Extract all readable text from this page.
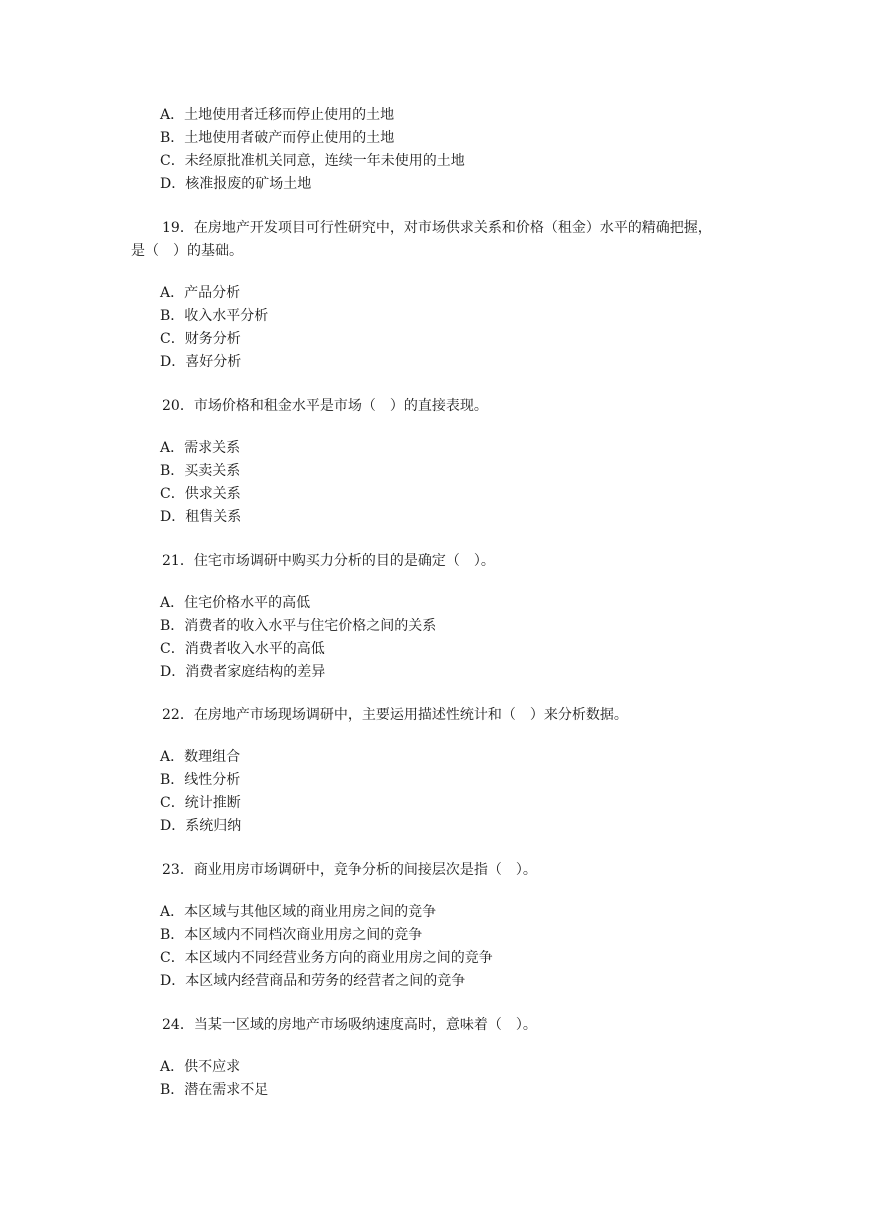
A．土地使用者迁移而停止使用的土地
B．土地使用者破产而停止使用的土地
C．未经原批准机关同意，连续一年未使用的土地
D．核准报废的矿场土地
19．在房地产开发项目可行性研究中，对市场供求关系和价格（租金）水平的精确把握，
是（　）的基础。
A．产品分析
B．收入水平分析
C．财务分析
D．喜好分析
20．市场价格和租金水平是市场（　）的直接表现。
A．需求关系
B．买卖关系
C．供求关系
D．租售关系
21．住宅市场调研中购买力分析的目的是确定（　）。
A．住宅价格水平的高低
B．消费者的收入水平与住宅价格之间的关系
C．消费者收入水平的高低
D．消费者家庭结构的差异
22．在房地产市场现场调研中，主要运用描述性统计和（　）来分析数据。
A．数理组合
B．线性分析
C．统计推断
D．系统归纳
23．商业用房市场调研中，竞争分析的间接层次是指（　）。
A．本区域与其他区域的商业用房之间的竞争
B．本区域内不同档次商业用房之间的竞争
C．本区域内不同经营业务方向的商业用房之间的竞争
D．本区域内经营商品和劳务的经营者之间的竞争
24．当某一区域的房地产市场吸纳速度高时，意味着（　）。
A．供不应求
B．潜在需求不足
